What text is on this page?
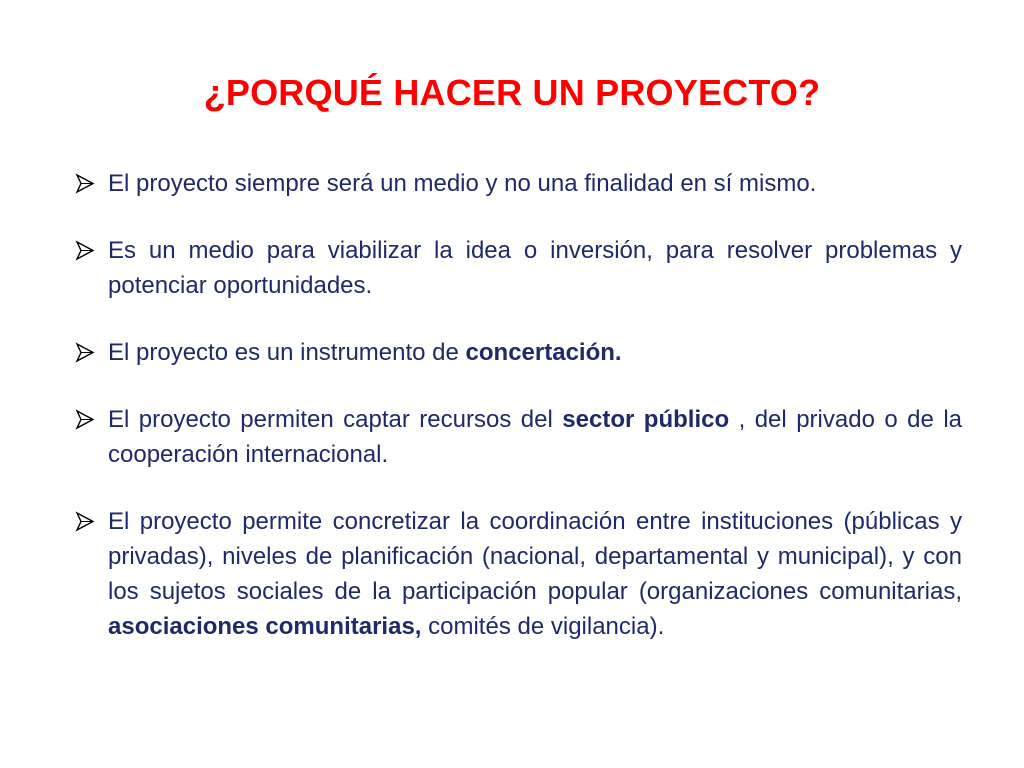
¿PORQUÉ HACER UN PROYECTO?
El proyecto siempre será un medio y no una finalidad en sí mismo.
Es un medio para viabilizar la idea o inversión, para resolver problemas y potenciar oportunidades.
El proyecto es un instrumento de concertación.
El proyecto permiten captar recursos del sector público , del privado o de la cooperación internacional.
El proyecto permite concretizar la coordinación entre instituciones (públicas y privadas), niveles de planificación (nacional, departamental y municipal), y con los sujetos sociales de la participación popular (organizaciones comunitarias, asociaciones comunitarias, comités de vigilancia).
